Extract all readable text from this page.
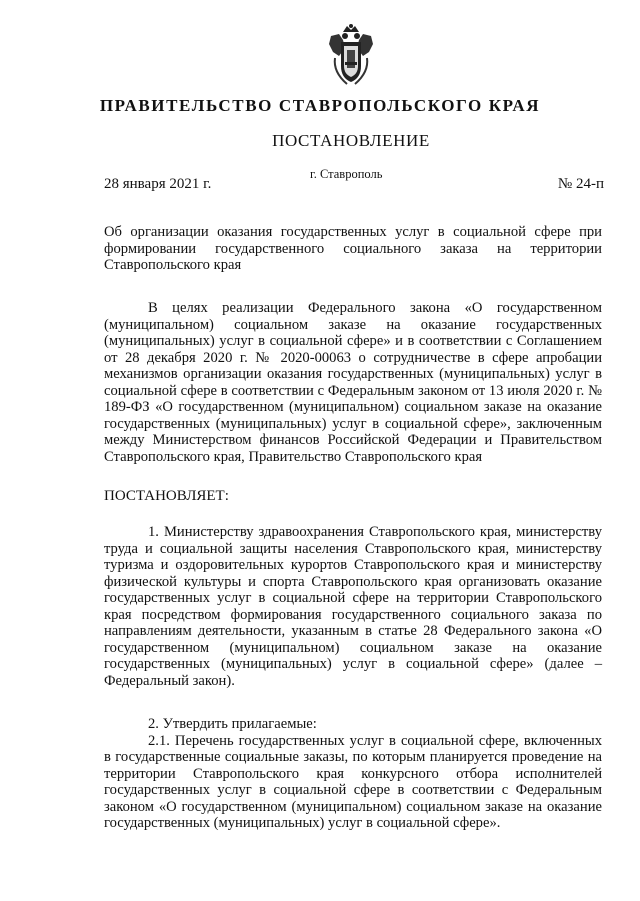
ПРАВИТЕЛЬСТВО СТАВРОПОЛЬСКОГО КРАЯ
ПОСТАНОВЛЕНИЕ
г. Ставрополь
28 января 2021 г.	№ 24-п
Об организации оказания государственных услуг в социальной сфере при формировании государственного социального заказа на территории Ставропольского края

В целях реализации Федерального закона «О государственном (муниципальном) социальном заказе на оказание государственных (муниципальных) услуг в социальной сфере» и в соответствии с Соглашением от 28 декабря 2020 г. № 2020-00063 о сотрудничестве в сфере апробации механизмов организации оказания государственных (муниципальных) услуг в социальной сфере в соответствии с Федеральным законом от 13 июля 2020 г. № 189-ФЗ «О государственном (муниципальном) социальном заказе на оказание государственных (муниципальных) услуг в социальной сфере», заключенным между Министерством финансов Российской Федерации и Правительством Ставропольского края, Правительство Ставропольского края

ПОСТАНОВЛЯЕТ:

1. Министерству здравоохранения Ставропольского края, министерству труда и социальной защиты населения Ставропольского края, министерству туризма и оздоровительных курортов Ставропольского края и министерству физической культуры и спорта Ставропольского края организовать оказание государственных услуг в социальной сфере на территории Ставропольского края посредством формирования государственного социального заказа по направлениям деятельности, указанным в статье 28 Федерального закона «О государственном (муниципальном) социальном заказе на оказание государственных (муниципальных) услуг в социальной сфере» (далее – Федеральный закон).

2. Утвердить прилагаемые:

2.1. Перечень государственных услуг в социальной сфере, включенных в государственные социальные заказы, по которым планируется проведение на территории Ставропольского края конкурсного отбора исполнителей государственных услуг в социальной сфере в соответствии с Федеральным законом «О государственном (муниципальном) социальном заказе на оказание государственных (муниципальных) услуг в социальной сфере».
